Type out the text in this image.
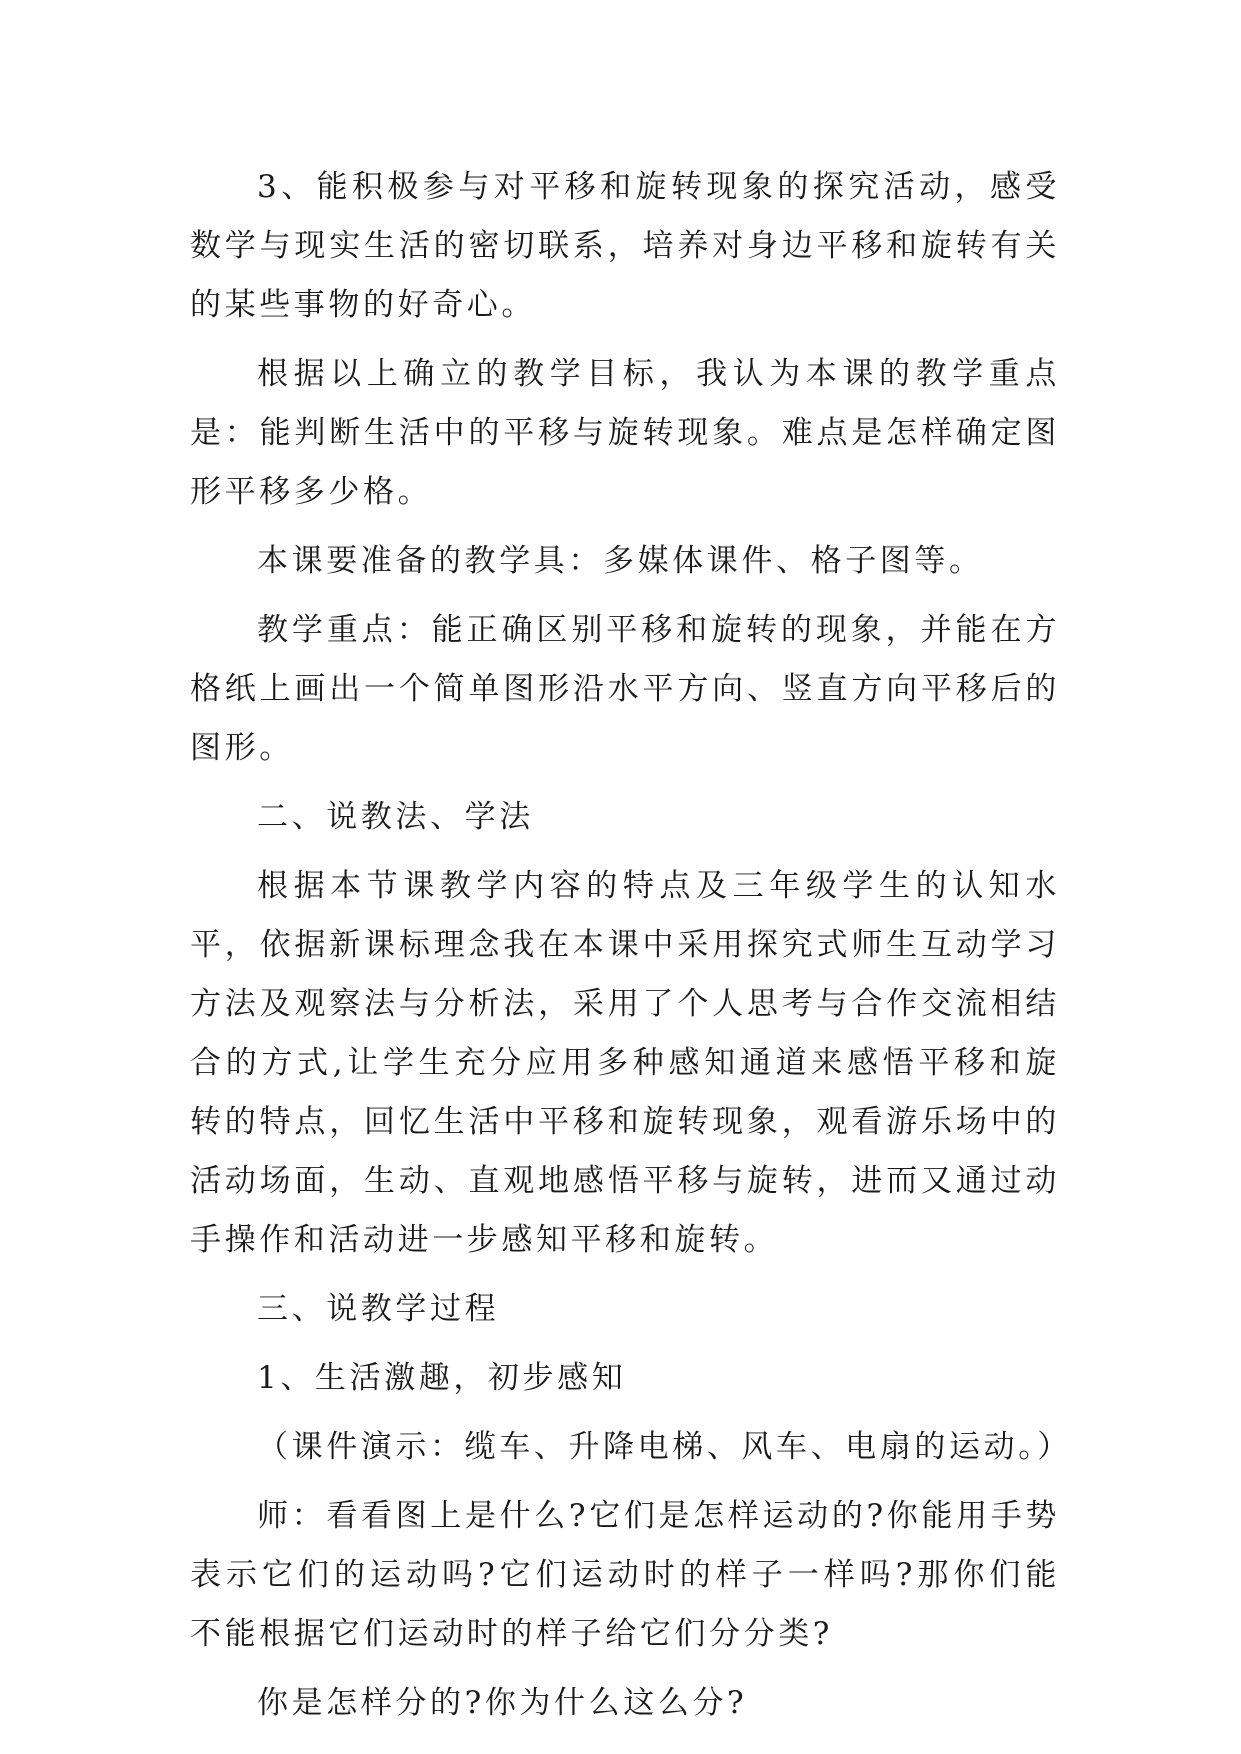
3、能积极参与对平移和旋转现象的探究活动，感受数学与现实生活的密切联系，培养对身边平移和旋转有关的某些事物的好奇心。

根据以上确立的教学目标，我认为本课的教学重点是：能判断生活中的平移与旋转现象。难点是怎样确定图形平移多少格。

本课要准备的教学具：多媒体课件、格子图等。

教学重点：能正确区别平移和旋转的现象，并能在方格纸上画出一个简单图形沿水平方向、竖直方向平移后的图形。

二、说教法、学法

根据本节课教学内容的特点及三年级学生的认知水平，依据新课标理念我在本课中采用探究式师生互动学习方法及观察法与分析法，采用了个人思考与合作交流相结合的方式,让学生充分应用多种感知通道来感悟平移和旋转的特点，回忆生活中平移和旋转现象，观看游乐场中的活动场面，生动、直观地感悟平移与旋转，进而又通过动手操作和活动进一步感知平移和旋转。

三、说教学过程

1、生活激趣，初步感知

（课件演示：缆车、升降电梯、风车、电扇的运动。）

师：看看图上是什么?它们是怎样运动的?你能用手势表示它们的运动吗?它们运动时的样子一样吗?那你们能不能根据它们运动时的样子给它们分分类?

你是怎样分的?你为什么这么分?
